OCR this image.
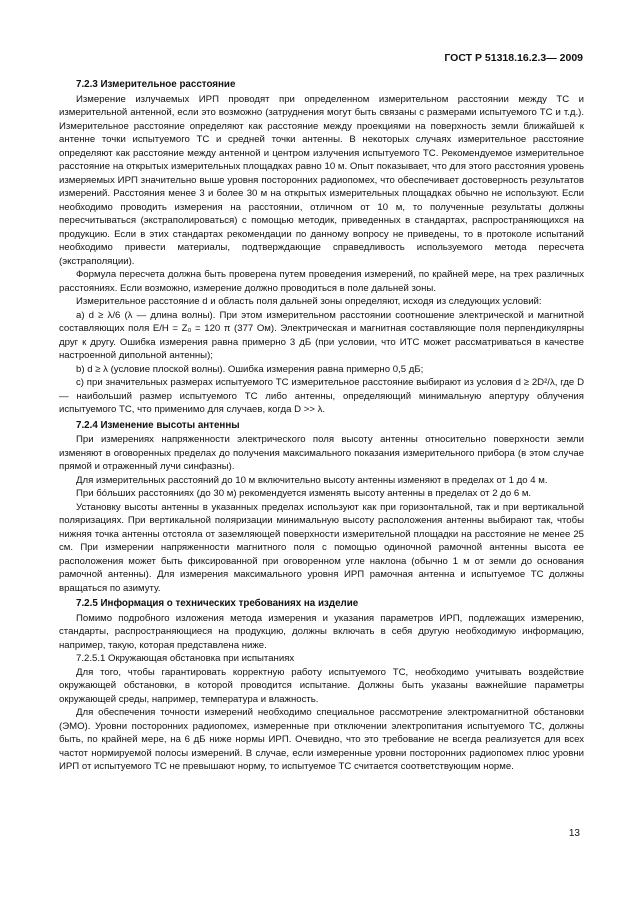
ГОСТ Р 51318.16.2.3— 2009
7.2.3 Измерительное расстояние

Измерение излучаемых ИРП проводят при определенном измерительном расстоянии между ТС и измерительной антенной, если это возможно (затруднения могут быть связаны с размерами испытуемого ТС и т.д.). Измерительное расстояние определяют как расстояние между проекциями на поверхность земли ближайшей к антенне точки испытуемого ТС и средней точки антенны. В некоторых случаях измерительное расстояние определяют как расстояние между антенной и центром излучения испытуемого ТС. Рекомендуемое измерительное расстояние на открытых измерительных площадках равно 10 м. Опыт показывает, что для этого расстояния уровень измеряемых ИРП значительно выше уровня посторонних радиопомех, что обеспечивает достоверность результатов измерений. Расстояния менее 3 и более 30 м на открытых измерительных площадках обычно не используют. Если необходимо проводить измерения на расстоянии, отличном от 10 м, то полученные результаты должны пересчитываться (экстраполироваться) с помощью методик, приведенных в стандартах, распространяющихся на продукцию. Если в этих стандартах рекомендации по данному вопросу не приведены, то в протоколе испытаний необходимо привести материалы, подтверждающие справедливость используемого метода пересчета (экстраполяции).

Формула пересчета должна быть проверена путем проведения измерений, по крайней мере, на трех различных расстояниях. Если возможно, измерение должно проводиться в поле дальней зоны.

Измерительное расстояние d и область поля дальней зоны определяют, исходя из следующих условий:

a) d ≥ λ/6 (λ — длина волны). При этом измерительном расстоянии соотношение электрической и магнитной составляющих поля E/H = Z₀ = 120 π (377 Ом). Электрическая и магнитная составляющие поля перпендикулярны друг к другу. Ошибка измерения равна примерно 3 дБ (при условии, что ИТС может рассматриваться в качестве настроенной дипольной антенны);

b) d ≥ λ (условие плоской волны). Ошибка измерения равна примерно 0,5 дБ;

c) при значительных размерах испытуемого ТС измерительное расстояние выбирают из условия d ≥ 2D²/λ, где D — наибольший размер испытуемого ТС либо антенны, определяющий минимальную апертуру облучения испытуемого ТС, что применимо для случаев, когда D >> λ.

7.2.4 Изменение высоты антенны

При измерениях напряженности электрического поля высоту антенны относительно поверхности земли изменяют в оговоренных пределах до получения максимального показания измерительного прибора (в этом случае прямой и отраженный лучи синфазны).

Для измерительных расстояний до 10 м включительно высоту антенны изменяют в пределах от 1 до 4 м.

При бо́льших расстояниях (до 30 м) рекомендуется изменять высоту антенны в пределах от 2 до 6 м.

Установку высоты антенны в указанных пределах используют как при горизонтальной, так и при вертикальной поляризациях. При вертикальной поляризации минимальную высоту расположения антенны выбирают так, чтобы нижняя точка антенны отстояла от заземляющей поверхности измерительной площадки на расстояние не менее 25 см. При измерении напряженности магнитного поля с помощью одиночной рамочной антенны высота ее расположения может быть фиксированной при оговоренном угле наклона (обычно 1 м от земли до основания рамочной антенны). Для измерения максимального уровня ИРП рамочная антенна и испытуемое ТС должны вращаться по азимуту.

7.2.5 Информация о технических требованиях на изделие

Помимо подробного изложения метода измерения и указания параметров ИРП, подлежащих измерению, стандарты, распространяющиеся на продукцию, должны включать в себя другую необходимую информацию, например, такую, которая представлена ниже.

7.2.5.1 Окружающая обстановка при испытаниях

Для того, чтобы гарантировать корректную работу испытуемого ТС, необходимо учитывать воздействие окружающей обстановки, в которой проводится испытание. Должны быть указаны важнейшие параметры окружающей среды, например, температура и влажность.

Для обеспечения точности измерений необходимо специальное рассмотрение электромагнитной обстановки (ЭМО). Уровни посторонних радиопомех, измеренные при отключении электропитания испытуемого ТС, должны быть, по крайней мере, на 6 дБ ниже нормы ИРП. Очевидно, что это требование не всегда реализуется для всех частот нормируемой полосы измерений. В случае, если измеренные уровни посторонних радиопомех плюс уровни ИРП от испытуемого ТС не превышают норму, то испытуемое ТС считается соответствующим норме.

13
